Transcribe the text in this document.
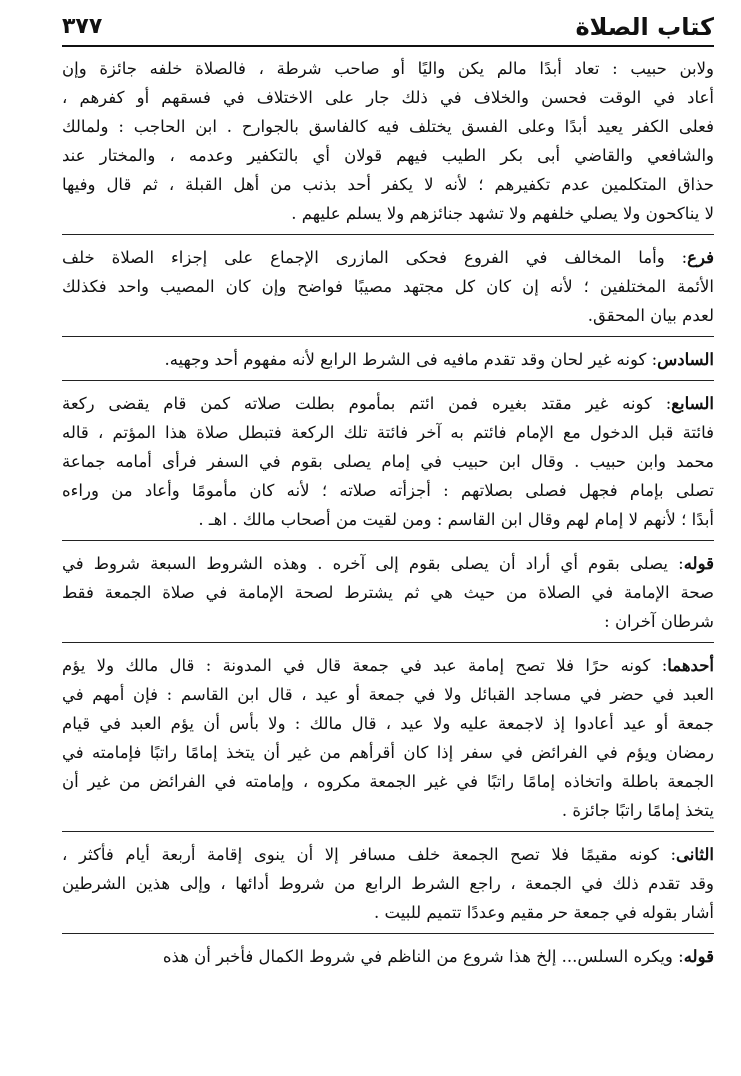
كتاب الصلاة
٣٧٧
ولابن حبيب : تعاد أبدًا مالم يكن واليًا أو صاحب شرطة ، فالصلاة خلفه جائزة وإن
أعاد في الوقت فحسن والخلاف في ذلك جار على الاختلاف في فسقهم أو كفرهم ،
فعلى الكفر يعيد أبدًا وعلى الفسق يختلف فيه كالفاسق بالجوارح . ابن الحاجب : ولمالك
والشافعي والقاضي أبى بكر الطيب فيهم قولان أي بالتكفير وعدمه ، والمختار عند
حذاق المتكلمين عدم تكفيرهم ؛ لأنه لا يكفر أحد بذنب من أهل القبلة ، ثم قال وفيها
لا يناكحون ولا يصلي خلفهم ولا تشهد جنائزهم ولا يسلم عليهم .
فرع: وأما المخالف في الفروع فحكى المازرى الإجماع على إجزاء الصلاة خلف
الأئمة المختلفين ؛ لأنه إن كان كل مجتهد مصيبًا فواضح وإن كان المصيب واحد فكذلك
لعدم بيان المحقق.
السادس: كونه غير لحان وقد تقدم مافيه فى الشرط الرابع لأنه مفهوم أحد وجهيه.
السابع: كونه غير مقتد بغيره فمن ائتم بمأموم بطلت صلاته كمن قام يقضى ركعة
فائتة قبل الدخول مع الإمام فائتم به آخر فائتة تلك الركعة فتبطل صلاة هذا المؤتم ، قاله
محمد وابن حبيب . وقال ابن حبيب في إمام يصلى بقوم في السفر فرأى أمامه جماعة
تصلى بإمام فجهل فصلى بصلاتهم : أجزأته صلاته ؛ لأنه كان مأمومًا وأعاد من وراءه
أبدًا ؛ لأنهم لا إمام لهم وقال ابن القاسم : ومن لقيت من أصحاب مالك . اهـ .
قوله: يصلى بقوم أي أراد أن يصلى بقوم إلى آخره . وهذه الشروط السبعة شروط في
صحة الإمامة في الصلاة من حيث هي ثم يشترط لصحة الإمامة في صلاة الجمعة فقط
شرطان آخران :
أحدهما: كونه حرًا فلا تصح إمامة عبد في جمعة قال في المدونة : قال مالك ولا يؤم
العبد في حضر في مساجد القبائل ولا في جمعة أو عيد ، قال ابن القاسم : فإن أمهم في
جمعة أو عيد أعادوا إذ لاجمعة عليه ولا عيد ، قال مالك : ولا بأس أن يؤم العبد في قيام
رمضان ويؤم في الفرائض في سفر إذا كان أقرأهم من غير أن يتخذ إمامًا راتبًا فإمامته في
الجمعة باطلة واتخاذه إمامًا راتبًا في غير الجمعة مكروه ، وإمامته في الفرائض من غير أن
يتخذ إمامًا راتبًا جائزة .
الثانى: كونه مقيمًا فلا تصح الجمعة خلف مسافر إلا أن ينوى إقامة أربعة أيام فأكثر ،
وقد تقدم ذلك في الجمعة ، راجع الشرط الرابع من شروط أدائها ، وإلى هذين الشرطين
أشار بقوله في جمعة حر مقيم وعددًا تتميم للبيت .
قوله: ويكره السلس... إلخ هذا شروع من الناظم في شروط الكمال فأخبر أن هذه
